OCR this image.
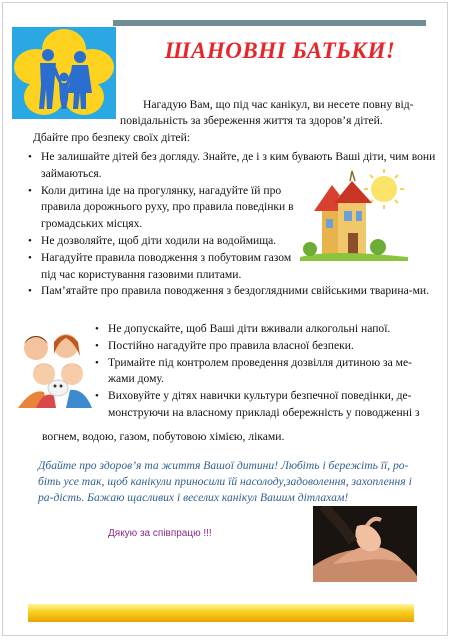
ШАНОВНІ БАТЬКИ!
Нагадую Вам, що під час канікул, ви несете повну від-
повідальність за збереження життя та здоров’я дітей.
Дбайте про безпеку своїх дітей:
• Не залишайте дітей без догляду. Знайте, де і з ким бувають Ваші діти, чим вони займаються.
• Коли дитина іде на прогулянку, нагадуйте їй про правила дорожнього руху, про правила поведінки в громадських місцях.
• Не дозволяйте, щоб діти ходили на водоймища.
• Нагадуйте правила поводження з побутовим газом під час користування газовими плитами.
• Пам’ятайте про правила поводження з бездоглядними свійськими тварина-ми.
• Не допускайте, щоб Ваші діти вживали алкогольні напої.
• Постійно нагадуйте про правила власної безпеки.
• Тримайте під контролем проведення дозвілля дитиною за ме-жами дому.
• Виховуйте у дітях навички культури безпечної поведінки, де-монструючи на власному прикладі обережність у поводженні з
вогнем, водою, газом, побутовою хімією, ліками.
Дбайте про здоров’я та життя Вашої дитини! Любіть і бережіть її, ро-біть усе так, щоб канікули приносили їй насолоду,задоволення, захоплення і ра-дість. Бажаю щасливих і веселих канікул Вашим дітлахам!
Дякую за співпрацю !!!
